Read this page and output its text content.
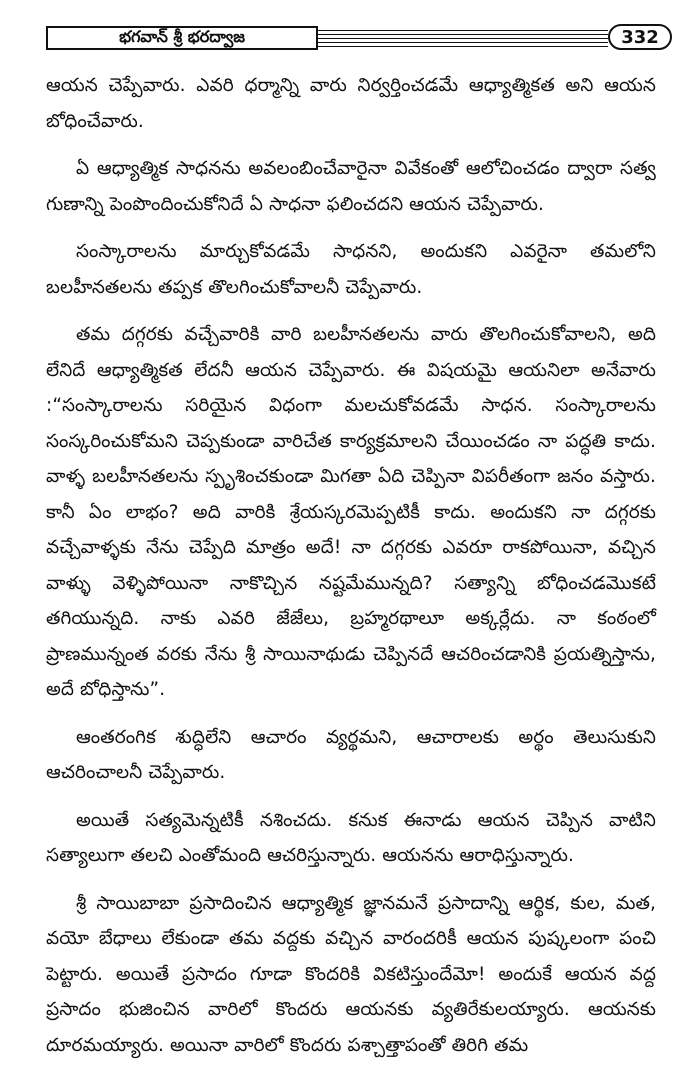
భగవాన్ శ్రీ భరద్వాజ	332

ఆయన చెప్పేవారు. ఎవరి ధర్మాన్ని వారు నిర్వర్తించడమే ఆధ్యాత్మికత అని ఆయన బోధించేవారు.

ఏ ఆధ్యాత్మిక సాధనను అవలంబించేవారైనా వివేకంతో ఆలోచించడం ద్వారా సత్వ గుణాన్ని పెంపొందించుకోనిదే ఏ సాధనా ఫలించదని ఆయన చెప్పేవారు.

సంస్కారాలను మార్చుకోవడమే సాధనని, అందుకని ఎవరైనా తమలోని బలహీనతలను తప్పక తొలగించుకోవాలనీ చెప్పేవారు.

తమ దగ్గరకు వచ్చేవారికి వారి బలహీనతలను వారు తొలగించుకోవాలని, అది లేనిదే ఆధ్యాత్మికత లేదనీ ఆయన చెప్పేవారు. ఈ విషయమై ఆయనిలా అనేవారు :“సంస్కారాలను సరియైన విధంగా మలచుకోవడమే సాధన. సంస్కారాలను సంస్కరించుకోమని చెప్పకుండా వారిచేత కార్యక్రమాలని చేయించడం నా పద్ధతి కాదు. వాళ్ళ బలహీనతలను స్పృశించకుండా మిగతా ఏది చెప్పినా విపరీతంగా జనం వస్తారు. కానీ ఏం లాభం? అది వారికి శ్రేయస్కరమెప్పటికీ కాదు. అందుకని నా దగ్గరకు వచ్చేవాళ్ళకు నేను చెప్పేది మాత్రం అదే! నా దగ్గరకు ఎవరూ రాకపోయినా, వచ్చిన వాళ్ళు వెళ్ళిపోయినా నాకొచ్చిన నష్టమేమున్నది? సత్యాన్ని బోధించడమొకటే తగియున్నది. నాకు ఎవరి జేజేలు, బ్రహ్మరథాలూ అక్కర్లేదు. నా కంఠంలో ప్రాణమున్నంత వరకు నేను శ్రీ సాయినాథుడు చెప్పినదే ఆచరించడానికి ప్రయత్నిస్తాను, అదే బోధిస్తాను”.

ఆంతరంగిక శుద్ధిలేని ఆచారం వ్యర్థమని, ఆచారాలకు అర్థం తెలుసుకుని ఆచరించాలనీ చెప్పేవారు.

అయితే సత్యమెన్నటికీ నశించదు. కనుక ఈనాడు ఆయన చెప్పిన వాటిని సత్యాలుగా తలచి ఎంతోమంది ఆచరిస్తున్నారు. ఆయనను ఆరాధిస్తున్నారు.

శ్రీ సాయిబాబా ప్రసాదించిన ఆధ్యాత్మిక జ్ఞానమనే ప్రసాదాన్ని ఆర్థిక, కుల, మత, వయో బేధాలు లేకుండా తమ వద్దకు వచ్చిన వారందరికీ ఆయన పుష్కలంగా పంచి పెట్టారు. అయితే ప్రసాదం గూడా కొందరికి వికటిస్తుందేమో! అందుకే ఆయన వద్ద ప్రసాదం భుజించిన వారిలో కొందరు ఆయనకు వ్యతిరేకులయ్యారు. ఆయనకు దూరమయ్యారు. అయినా వారిలో కొందరు పశ్చాత్తాపంతో తిరిగి తమ
